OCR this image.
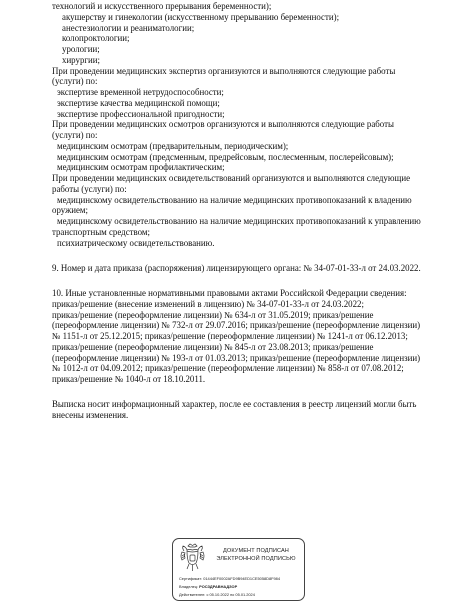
технологий и искусственного прерывания беременности);
акушерству и гинекологии (искусственному прерыванию беременности);
анестезиологии и реаниматологии;
колопроктологии;
урологии;
хирургии;
При проведении медицинских экспертиз организуются и выполняются следующие работы
(услуги) по:
экспертизе временной нетрудоспособности;
экспертизе качества медицинской помощи;
экспертизе профессиональной пригодности;
При проведении медицинских осмотров организуются и выполняются следующие работы
(услуги) по:
медицинским осмотрам (предварительным, периодическим);
медицинским осмотрам (предсменным, предрейсовым, послесменным, послерейсовым);
медицинским осмотрам профилактическим;
При проведении медицинских освидетельствований организуются и выполняются следующие
работы (услуги) по:
медицинскому освидетельствованию на наличие медицинских противопоказаний к владению
оружием;
медицинскому освидетельствованию на наличие медицинских противопоказаний к управлению
транспортным средством;
психиатрическому освидетельствованию.
9. Номер и дата приказа (распоряжения) лицензирующего органа: № 34-07-01-33-л от 24.03.2022.
10. Иные установленные нормативными правовыми актами Российской Федерации сведения:
приказ/решение (внесение изменений в лицензию) № 34-07-01-33-л от 24.03.2022;
приказ/решение (переоформление лицензии) № 634-л от 31.05.2019; приказ/решение
(переоформление лицензии) № 732-л от 29.07.2016; приказ/решение (переоформление лицензии)
№ 1151-л от 25.12.2015; приказ/решение (переоформление лицензии) № 1241-л от 06.12.2013;
приказ/решение (переоформление лицензии) № 845-л от 23.08.2013; приказ/решение
(переоформление лицензии) № 193-л от 01.03.2013; приказ/решение (переоформление лицензии)
№ 1012-л от 04.09.2012; приказ/решение (переоформление лицензии) № 858-л от 07.08.2012;
приказ/решение № 1040-л от 18.10.2011.
Выписка носит информационный характер, после ее составления в реестр лицензий могли быть
внесены изменения.
ДОКУМЕНТ ПОДПИСАН
ЭЛЕКТРОННОЙ ПОДПИСЬЮ
Сертификат: 01444EF0002AFD9B94ED1CE5058D8F984
Владелец: РОСЗДРАВНАДЗОР
Действителен: с 05.10.2022 по 05.01.2024
